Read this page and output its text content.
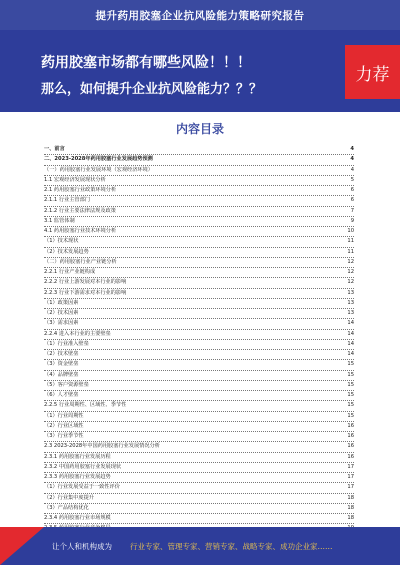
提升药用胶塞企业抗风险能力策略研究报告
药用胶塞市场都有哪些风险！！！
那么，如何提升企业抗风险能力？？？
力荐
内容目录
一、前言	4
二、2023-2028年药用胶塞行业发展趋势预测	4
（一）药用胶塞行业发展环境（宏观经济环境）	4
1.1 宏观经济发展现状分析	5
2.1 药用胶塞行业政策环境分析	6
2.1.1 行业主管部门	6
2.1.2 行业主要法律法规及政策	7
3.1 监管体制	9
4.1 药用胶塞行业技术环境分析	10
（1）技术现状	11
（2）技术发展趋势	11
（二）药用胶塞行业产业链分析	12
2.2.1 行业产业链构成	12
2.2.2 行业上游发展对本行业的影响	12
2.2.3 行业下游需求对本行业的影响	13
（1）政策因素	13
（2）技术因素	13
（3）需求因素	14
2.2.4 进入本行业的主要壁垒	14
（1）行业准入壁垒	14
（2）技术壁垒	14
（3）资金壁垒	15
（4）品牌壁垒	15
（5）客户资源壁垒	15
（6）人才壁垒	15
2.2.5 行业周期性、区域性、季节性	15
（1）行业周期性	15
（2）行业区域性	16
（3）行业季节性	16
2.3 2023-2028年中国药用胶塞行业发展情况分析	16
2.3.1 药用胶塞行业发展历程	16
2.3.2 中国药用胶塞行业发展现状	17
2.3.3 药用胶塞行业发展趋势	17
（1）行业发展受益于一致性评价	17
（2）行业集中度提升	18
（3）产品结构优化	18
2.3.4 药用胶塞行业市场规模	18
让个人和机构成为 行业专家、管理专家、营销专家、战略专家、成功企业家……
